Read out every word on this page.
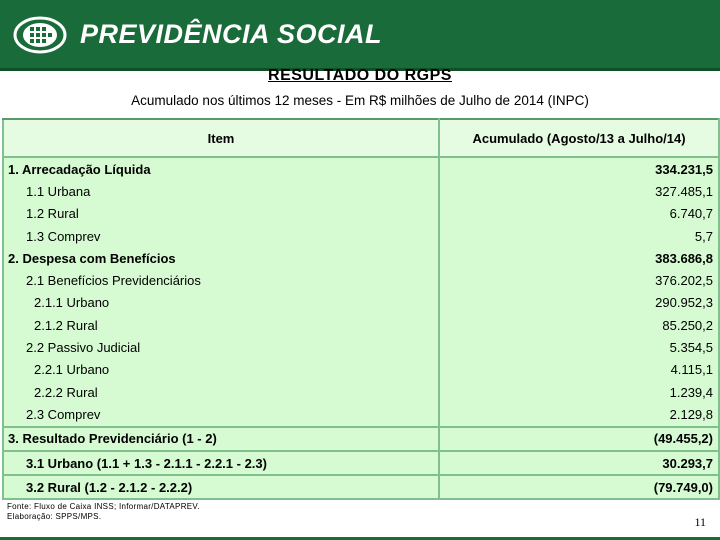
PREVIDÊNCIA SOCIAL
RESULTADO DO RGPS
Acumulado nos últimos 12 meses - Em R$ milhões de Julho de 2014 (INPC)
Item	Acumulado (Agosto/13 a Julho/14)
1. Arrecadação Líquida	334.231,5
1.1 Urbana	327.485,1
1.2 Rural	6.740,7
1.3 Comprev	5,7
2. Despesa com Benefícios	383.686,8
2.1 Benefícios Previdenciários	376.202,5
2.1.1 Urbano	290.952,3
2.1.2 Rural	85.250,2
2.2 Passivo Judicial	5.354,5
2.2.1 Urbano	4.115,1
2.2.2 Rural	1.239,4
2.3 Comprev	2.129,8
3. Resultado Previdenciário (1 - 2)	(49.455,2)
3.1 Urbano (1.1 + 1.3 - 2.1.1 - 2.2.1 - 2.3)	30.293,7
3.2 Rural (1.2 - 2.1.2 - 2.2.2)	(79.749,0)
Fonte: Fluxo de Caixa INSS; Informar/DATAPREV.
Elaboração: SPPS/MPS.	11
